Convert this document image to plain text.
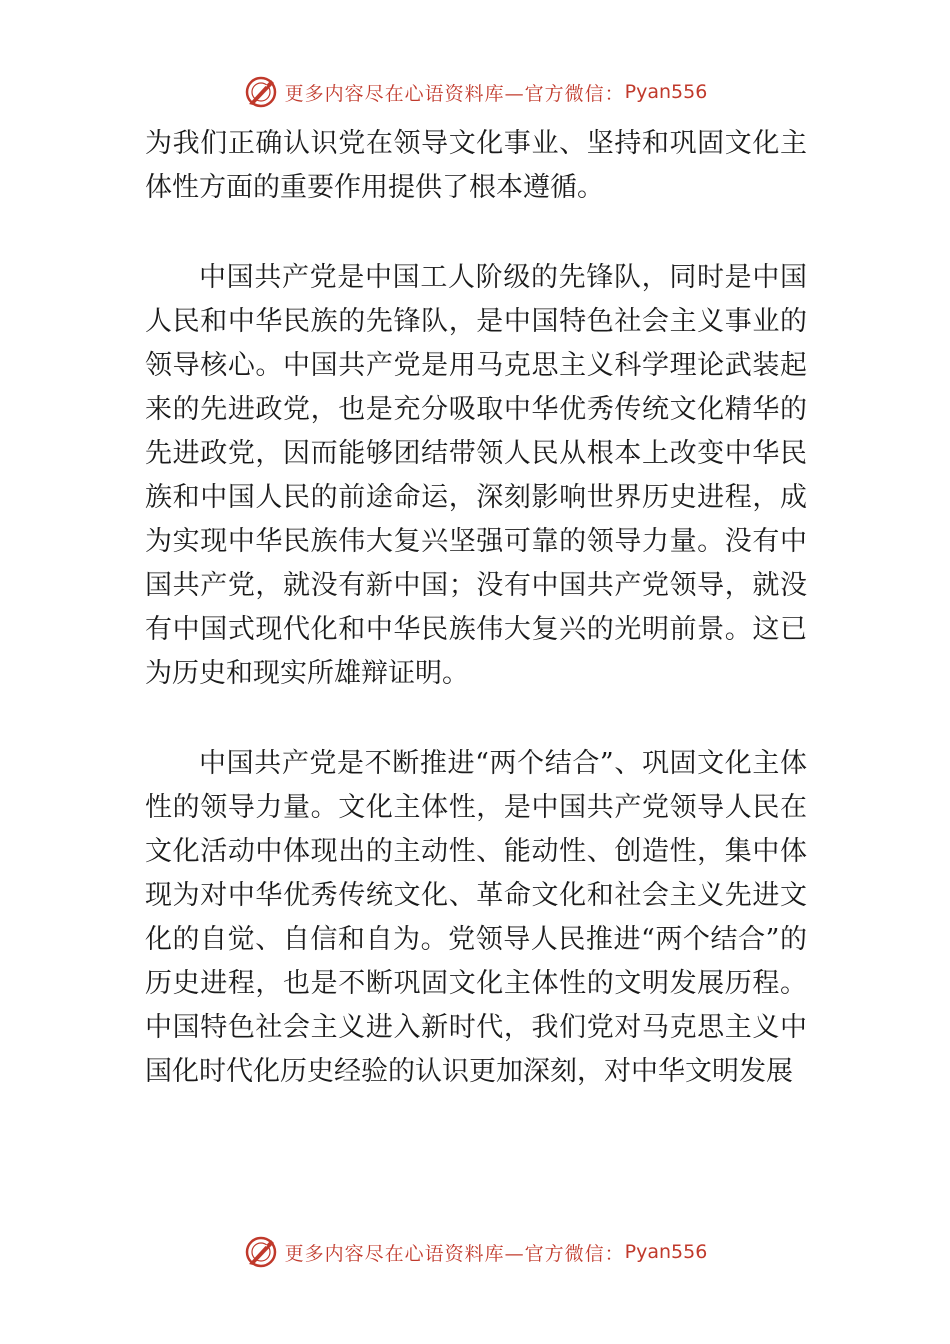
更多内容尽在心语资料库—官方微信： Pyan556

为我们正确认识党在领导文化事业、坚持和巩固文化主体性方面的重要作用提供了根本遵循。

中国共产党是中国工人阶级的先锋队，同时是中国人民和中华民族的先锋队，是中国特色社会主义事业的领导核心。中国共产党是用马克思主义科学理论武装起来的先进政党，也是充分吸取中华优秀传统文化精华的先进政党，因而能够团结带领人民从根本上改变中华民族和中国人民的前途命运，深刻影响世界历史进程，成为实现中华民族伟大复兴坚强可靠的领导力量。没有中国共产党，就没有新中国；没有中国共产党领导，就没有中国式现代化和中华民族伟大复兴的光明前景。这已为历史和现实所雄辩证明。

中国共产党是不断推进“两个结合”、巩固文化主体性的领导力量。文化主体性，是中国共产党领导人民在文化活动中体现出的主动性、能动性、创造性，集中体现为对中华优秀传统文化、革命文化和社会主义先进文化的自觉、自信和自为。党领导人民推进“两个结合”的历史进程，也是不断巩固文化主体性的文明发展历程。中国特色社会主义进入新时代，我们党对马克思主义中国化时代化历史经验的认识更加深刻，对中华文明发展

更多内容尽在心语资料库—官方微信： Pyan556
